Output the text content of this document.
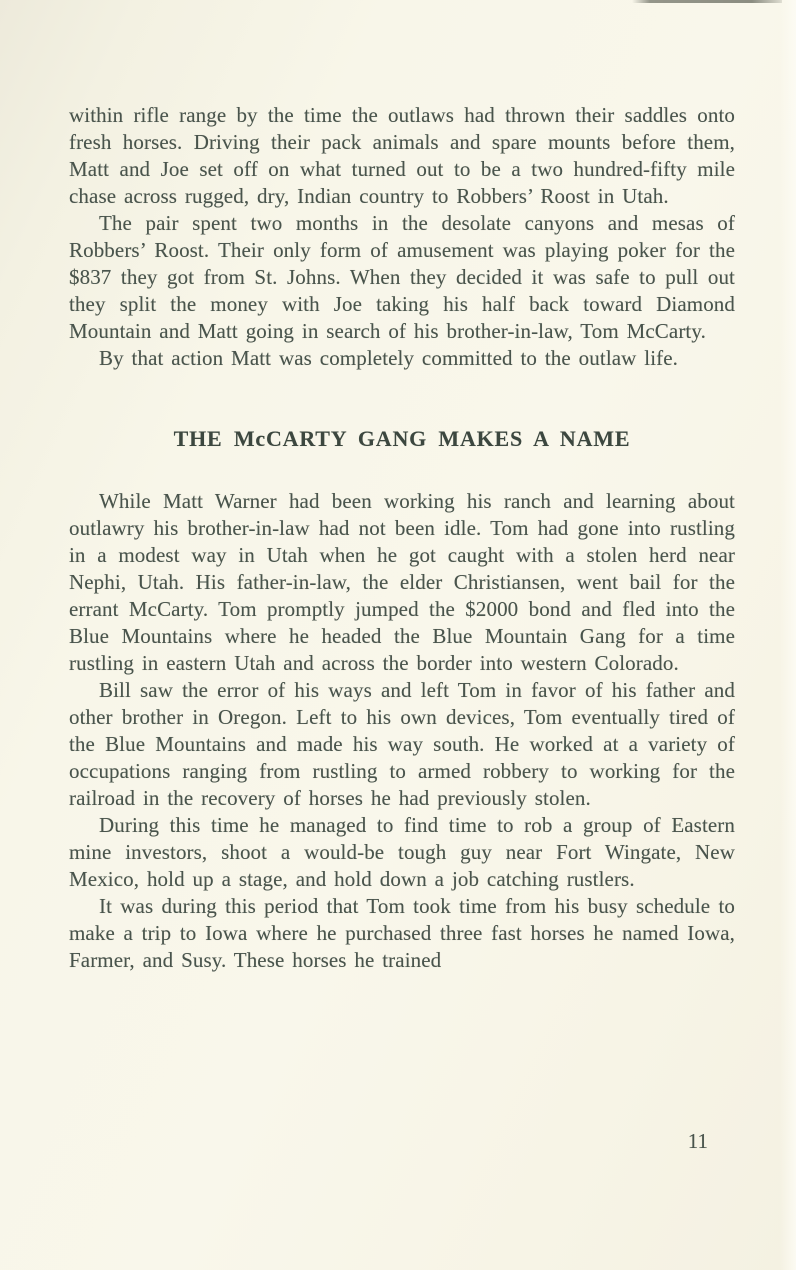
within rifle range by the time the outlaws had thrown their saddles onto fresh horses. Driving their pack animals and spare mounts before them, Matt and Joe set off on what turned out to be a two hundred-fifty mile chase across rugged, dry, Indian country to Robbers’ Roost in Utah.

The pair spent two months in the desolate canyons and mesas of Robbers’ Roost. Their only form of amusement was playing poker for the $837 they got from St. Johns. When they decided it was safe to pull out they split the money with Joe taking his half back toward Diamond Mountain and Matt going in search of his brother-in-law, Tom McCarty.

By that action Matt was completely committed to the outlaw life.

THE McCARTY GANG MAKES A NAME

While Matt Warner had been working his ranch and learning about outlawry his brother-in-law had not been idle. Tom had gone into rustling in a modest way in Utah when he got caught with a stolen herd near Nephi, Utah. His father-in-law, the elder Christiansen, went bail for the errant McCarty. Tom promptly jumped the $2000 bond and fled into the Blue Mountains where he headed the Blue Mountain Gang for a time rustling in eastern Utah and across the border into western Colorado.

Bill saw the error of his ways and left Tom in favor of his father and other brother in Oregon. Left to his own devices, Tom eventually tired of the Blue Mountains and made his way south. He worked at a variety of occupations ranging from rustling to armed robbery to working for the railroad in the recovery of horses he had previously stolen.

During this time he managed to find time to rob a group of Eastern mine investors, shoot a would-be tough guy near Fort Wingate, New Mexico, hold up a stage, and hold down a job catching rustlers.

It was during this period that Tom took time from his busy schedule to make a trip to Iowa where he purchased three fast horses he named Iowa, Farmer, and Susy. These horses he trained

11
